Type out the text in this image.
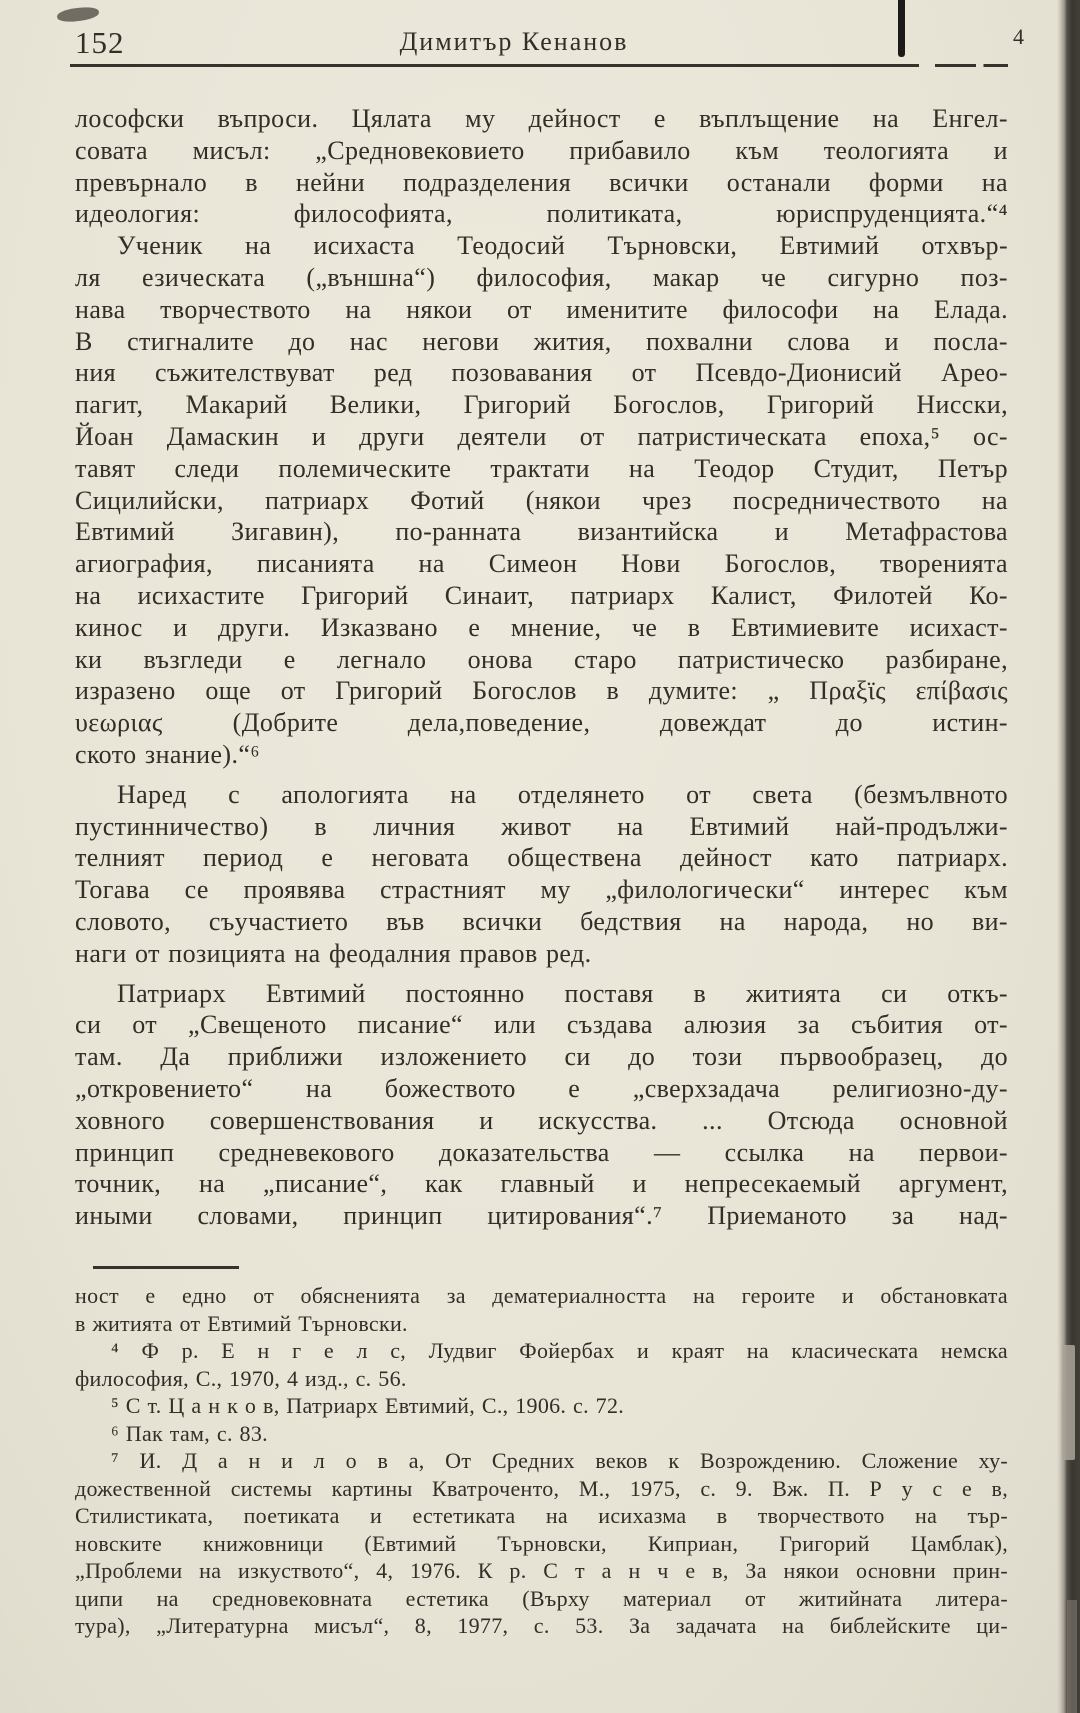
152	Димитър Кенанов	4
лософски въпроси. Цялата му дейност е въплъщение на Енгел-
совата мисъл: „Средновековието прибавило към теологията и
превърнало в нейни подразделения всички останали форми на
идеология: философията, политиката, юриспруденцията.“⁴
Ученик на исихаста Теодосий Търновски, Евтимий отхвър-
ля езическата („външна“) философия, макар че сигурно поз-
нава творчеството на някои от именитите философи на Елада.
В стигналите до нас негови жития, похвални слова и посла-
ния съжителствуват ред позовавания от Псевдо-Дионисий Арео-
пагит, Макарий Велики, Григорий Богослов, Григорий Нисски,
Йоан Дамаскин и други деятели от патристическата епоха,⁵ ос-
тавят следи полемическите трактати на Теодор Студит, Петър
Сицилийски, патриарх Фотий (някои чрез посредничеството на
Евтимий Зигавин), по-ранната византийска и Метафрастова
агиография, писанията на Симеон Нови Богослов, творенията
на исихастите Григорий Синаит, патриарх Калист, Филотей Ко-
кинос и други. Изказвано е мнение, че в Евтимиевите исихаст-
ки възгледи е легнало онова старо патристическо разбиране,
изразено още от Григорий Богослов в думите: „ Πραξϊς επίβασις
υεωριαϛ (Добрите дела,поведение, довеждат до истин-
ското знание).“⁶
Наред с апологията на отделянето от света (безмълвното
пустинничество) в личния живот на Евтимий най-продължи-
телният период е неговата обществена дейност като патриарх.
Тогава се проявява страстният му „филологически“ интерес към
словото, съучастието във всички бедствия на народа, но ви-
наги от позицията на феодалния правов ред.
Патриарх Евтимий постоянно поставя в житията си откъ-
си от „Свещеното писание“ или създава алюзия за събития от-
там. Да приближи изложението си до този първообразец, до
„откровението“ на божеството е „сверхзадача религиозно-ду-
ховного совершенствования и искусства. ... Отсюда основной
принцип средневекового доказательства — ссылка на первои-
точник, на „писание“, как главный и непресекаемый аргумент,
иными словами, принцип цитирования“.⁷ Приеманото за над-
ност е едно от обясненията за дематериалността на героите и обстановката
в житията от Евтимий Търновски.
⁴ Ф р. Е н г е л с, Лудвиг Фойербах и краят на класическата немска
философия, С., 1970, 4 изд., с. 56.
⁵ С т. Ц а н к о в, Патриарх Евтимий, С., 1906. с. 72.
⁶ Пак там, с. 83.
⁷ И. Д а н и л о в а, От Средних веков к Возрождению. Сложение ху-
дожественной системы картины Кватроченто, М., 1975, с. 9. Вж. П. Р у с е в,
Стилистиката, поетиката и естетиката на исихазма в творчеството на тър-
новските книжовници (Евтимий Търновски, Киприан, Григорий Цамблак),
„Проблеми на изкуството“, 4, 1976. К р. С т а н ч е в, За някои основни прин-
ципи на средновековната естетика (Върху материал от житийната литера-
тура), „Литературна мисъл“, 8, 1977, с. 53. За задачата на библейските ци-
